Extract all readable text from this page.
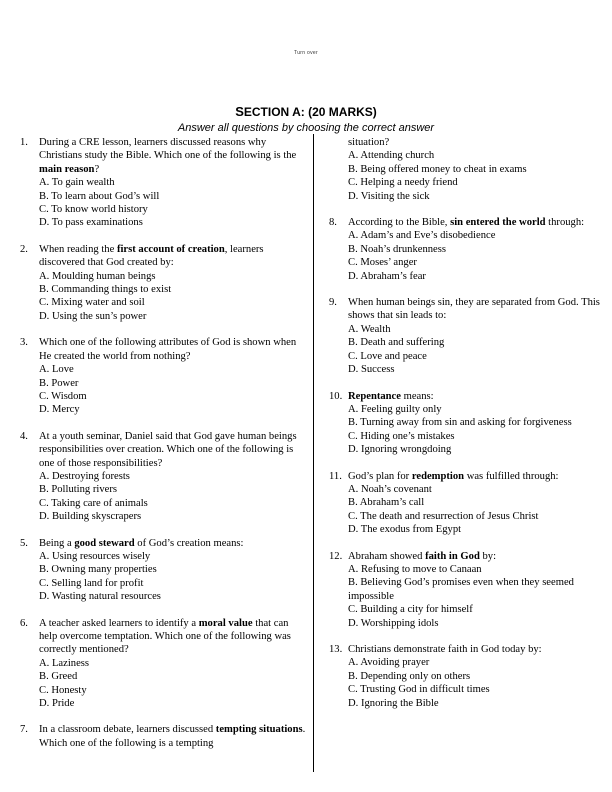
Turn over
SECTION A: (20 MARKS)
Answer all questions by choosing the correct answer
1. During a CRE lesson, learners discussed reasons why Christians study the Bible. Which one of the following is the main reason?
A. To gain wealth
B. To learn about God’s will
C. To know world history
D. To pass examinations
2. When reading the first account of creation, learners discovered that God created by:
A. Moulding human beings
B. Commanding things to exist
C. Mixing water and soil
D. Using the sun’s power
3. Which one of the following attributes of God is shown when He created the world from nothing?
A. Love
B. Power
C. Wisdom
D. Mercy
4. At a youth seminar, Daniel said that God gave human beings responsibilities over creation. Which one of the following is one of those responsibilities?
A. Destroying forests
B. Polluting rivers
C. Taking care of animals
D. Building skyscrapers
5. Being a good steward of God’s creation means:
A. Using resources wisely
B. Owning many properties
C. Selling land for profit
D. Wasting natural resources
6. A teacher asked learners to identify a moral value that can help overcome temptation. Which one of the following was correctly mentioned?
A. Laziness
B. Greed
C. Honesty
D. Pride
7. In a classroom debate, learners discussed tempting situations. Which one of the following is a tempting
situation?
A. Attending church
B. Being offered money to cheat in exams
C. Helping a needy friend
D. Visiting the sick
8. According to the Bible, sin entered the world through:
A. Adam’s and Eve’s disobedience
B. Noah’s drunkenness
C. Moses’ anger
D. Abraham’s fear
9. When human beings sin, they are separated from God. This shows that sin leads to:
A. Wealth
B. Death and suffering
C. Love and peace
D. Success
10. Repentance means:
A. Feeling guilty only
B. Turning away from sin and asking for forgiveness
C. Hiding one’s mistakes
D. Ignoring wrongdoing
11. God’s plan for redemption was fulfilled through:
A. Noah’s covenant
B. Abraham’s call
C. The death and resurrection of Jesus Christ
D. The exodus from Egypt
12. Abraham showed faith in God by:
A. Refusing to move to Canaan
B. Believing God’s promises even when they seemed impossible
C. Building a city for himself
D. Worshipping idols
13. Christians demonstrate faith in God today by:
A. Avoiding prayer
B. Depending only on others
C. Trusting God in difficult times
D. Ignoring the Bible
